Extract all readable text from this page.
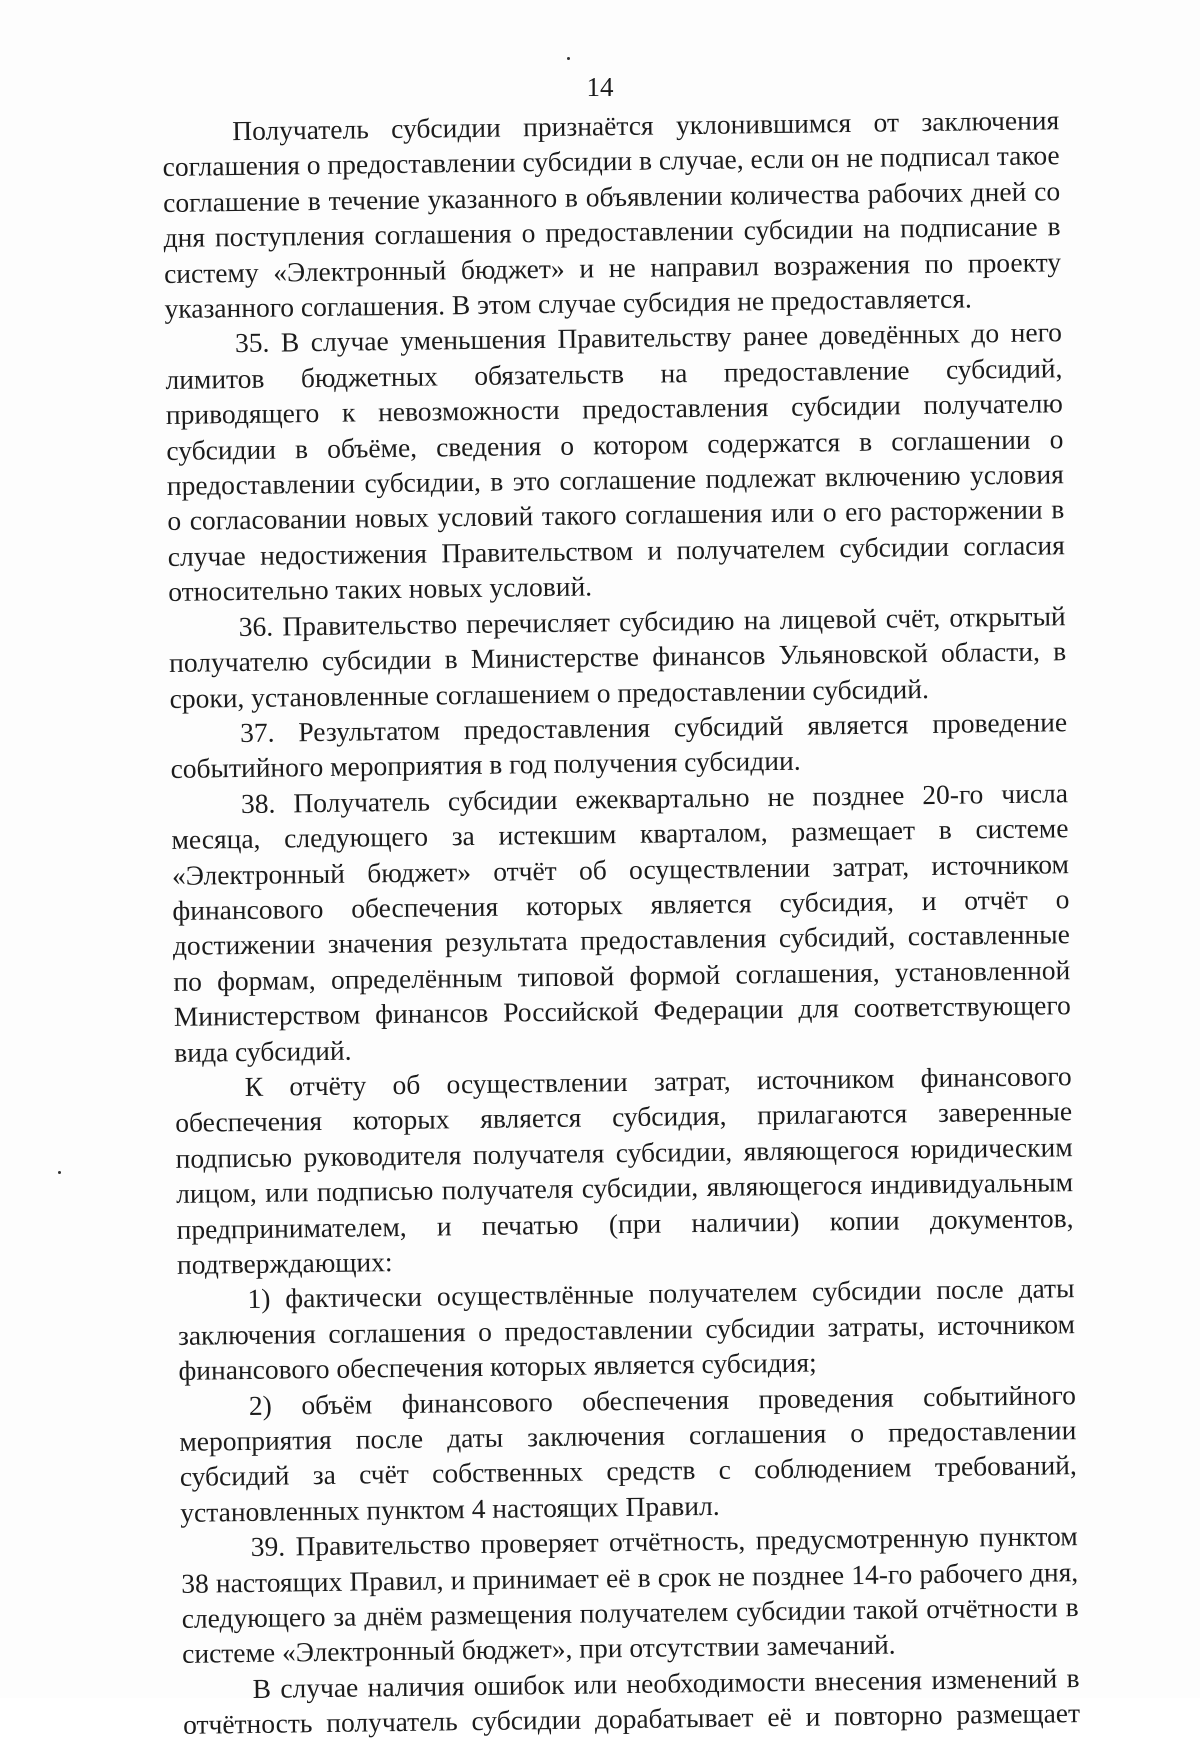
14

Получатель субсидии признаётся уклонившимся от заключения соглашения о предоставлении субсидии в случае, если он не подписал такое соглашение в течение указанного в объявлении количества рабочих дней со дня поступления соглашения о предоставлении субсидии на подписание в систему «Электронный бюджет» и не направил возражения по проекту указанного соглашения. В этом случае субсидия не предоставляется.

35. В случае уменьшения Правительству ранее доведённых до него лимитов бюджетных обязательств на предоставление субсидий, приводящего к невозможности предоставления субсидии получателю субсидии в объёме, сведения о котором содержатся в соглашении о предоставлении субсидии, в это соглашение подлежат включению условия о согласовании новых условий такого соглашения или о его расторжении в случае недостижения Правительством и получателем субсидии согласия относительно таких новых условий.

36. Правительство перечисляет субсидию на лицевой счёт, открытый получателю субсидии в Министерстве финансов Ульяновской области, в сроки, установленные соглашением о предоставлении субсидий.

37. Результатом предоставления субсидий является проведение событийного мероприятия в год получения субсидии.

38. Получатель субсидии ежеквартально не позднее 20-го числа месяца, следующего за истекшим кварталом, размещает в системе «Электронный бюджет» отчёт об осуществлении затрат, источником финансового обеспечения которых является субсидия, и отчёт о достижении значения результата предоставления субсидий, составленные по формам, определённым типовой формой соглашения, установленной Министерством финансов Российской Федерации для соответствующего вида субсидий.

К отчёту об осуществлении затрат, источником финансового обеспечения которых является субсидия, прилагаются заверенные подписью руководителя получателя субсидии, являющегося юридическим лицом, или подписью получателя субсидии, являющегося индивидуальным предпринимателем, и печатью (при наличии) копии документов, подтверждающих:

1) фактически осуществлённые получателем субсидии после даты заключения соглашения о предоставлении субсидии затраты, источником финансового обеспечения которых является субсидия;

2) объём финансового обеспечения проведения событийного мероприятия после даты заключения соглашения о предоставлении субсидий за счёт собственных средств с соблюдением требований, установленных пунктом 4 настоящих Правил.

39. Правительство проверяет отчётность, предусмотренную пунктом 38 настоящих Правил, и принимает её в срок не позднее 14-го рабочего дня, следующего за днём размещения получателем субсидии такой отчётности в системе «Электронный бюджет», при отсутствии замечаний.

В случае наличия ошибок или необходимости внесения изменений в отчётность получатель субсидии дорабатывает её и повторно размещает
